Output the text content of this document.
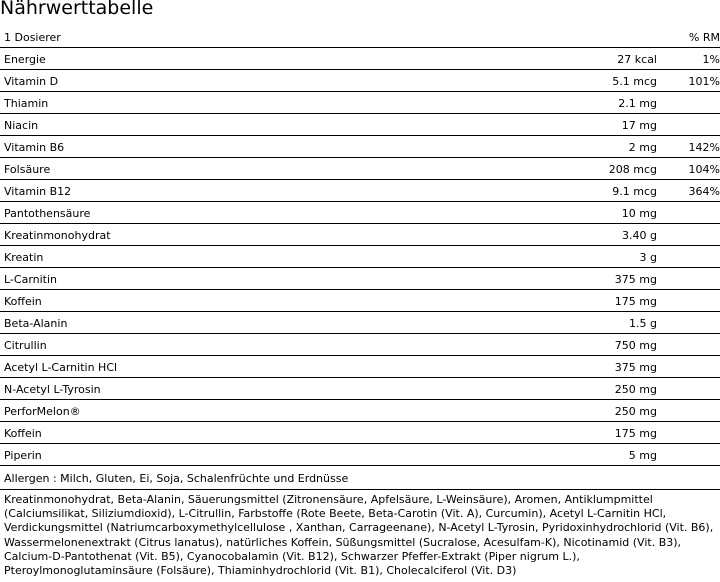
Nährwerttabelle
1 Dosierer	% RM
Energie	27 kcal	1%
Vitamin D	5.1 mcg	101%
Thiamin	2.1 mg
Niacin	17 mg
Vitamin B6	2 mg	142%
Folsäure	208 mcg	104%
Vitamin B12	9.1 mcg	364%
Pantothensäure	10 mg
Kreatinmonohydrat	3.40 g
Kreatin	3 g
L-Carnitin	375 mg
Koffein	175 mg
Beta-Alanin	1.5 g
Citrullin	750 mg
Acetyl L-Carnitin HCl	375 mg
N-Acetyl L-Tyrosin	250 mg
PerforMelon®	250 mg
Koffein	175 mg
Piperin	5 mg
Allergen : Milch, Gluten, Ei, Soja, Schalenfrüchte und Erdnüsse
Kreatinmonohydrat, Beta-Alanin, Säuerungsmittel (Zitronensäure, Apfelsäure, L-Weinsäure), Aromen, Antiklumpmittel (Calciumsilikat, Siliziumdioxid), L-Citrullin, Farbstoffe (Rote Beete, Beta-Carotin (Vit. A), Curcumin), Acetyl L-Carnitin HCl, Verdickungsmittel (Natriumcarboxymethylcellulose , Xanthan, Carrageenane), N-Acetyl L-Tyrosin, Pyridoxinhydrochlorid (Vit. B6), Wassermelonenextrakt (Citrus lanatus), natürliches Koffein, Süßungsmittel (Sucralose, Acesulfam-K), Nicotinamid (Vit. B3), Calcium-D-Pantothenat (Vit. B5), Cyanocobalamin (Vit. B12), Schwarzer Pfeffer-Extrakt (Piper nigrum L.), Pteroylmonoglutaminsäure (Folsäure), Thiaminhydrochlorid (Vit. B1), Cholecalciferol (Vit. D3)
